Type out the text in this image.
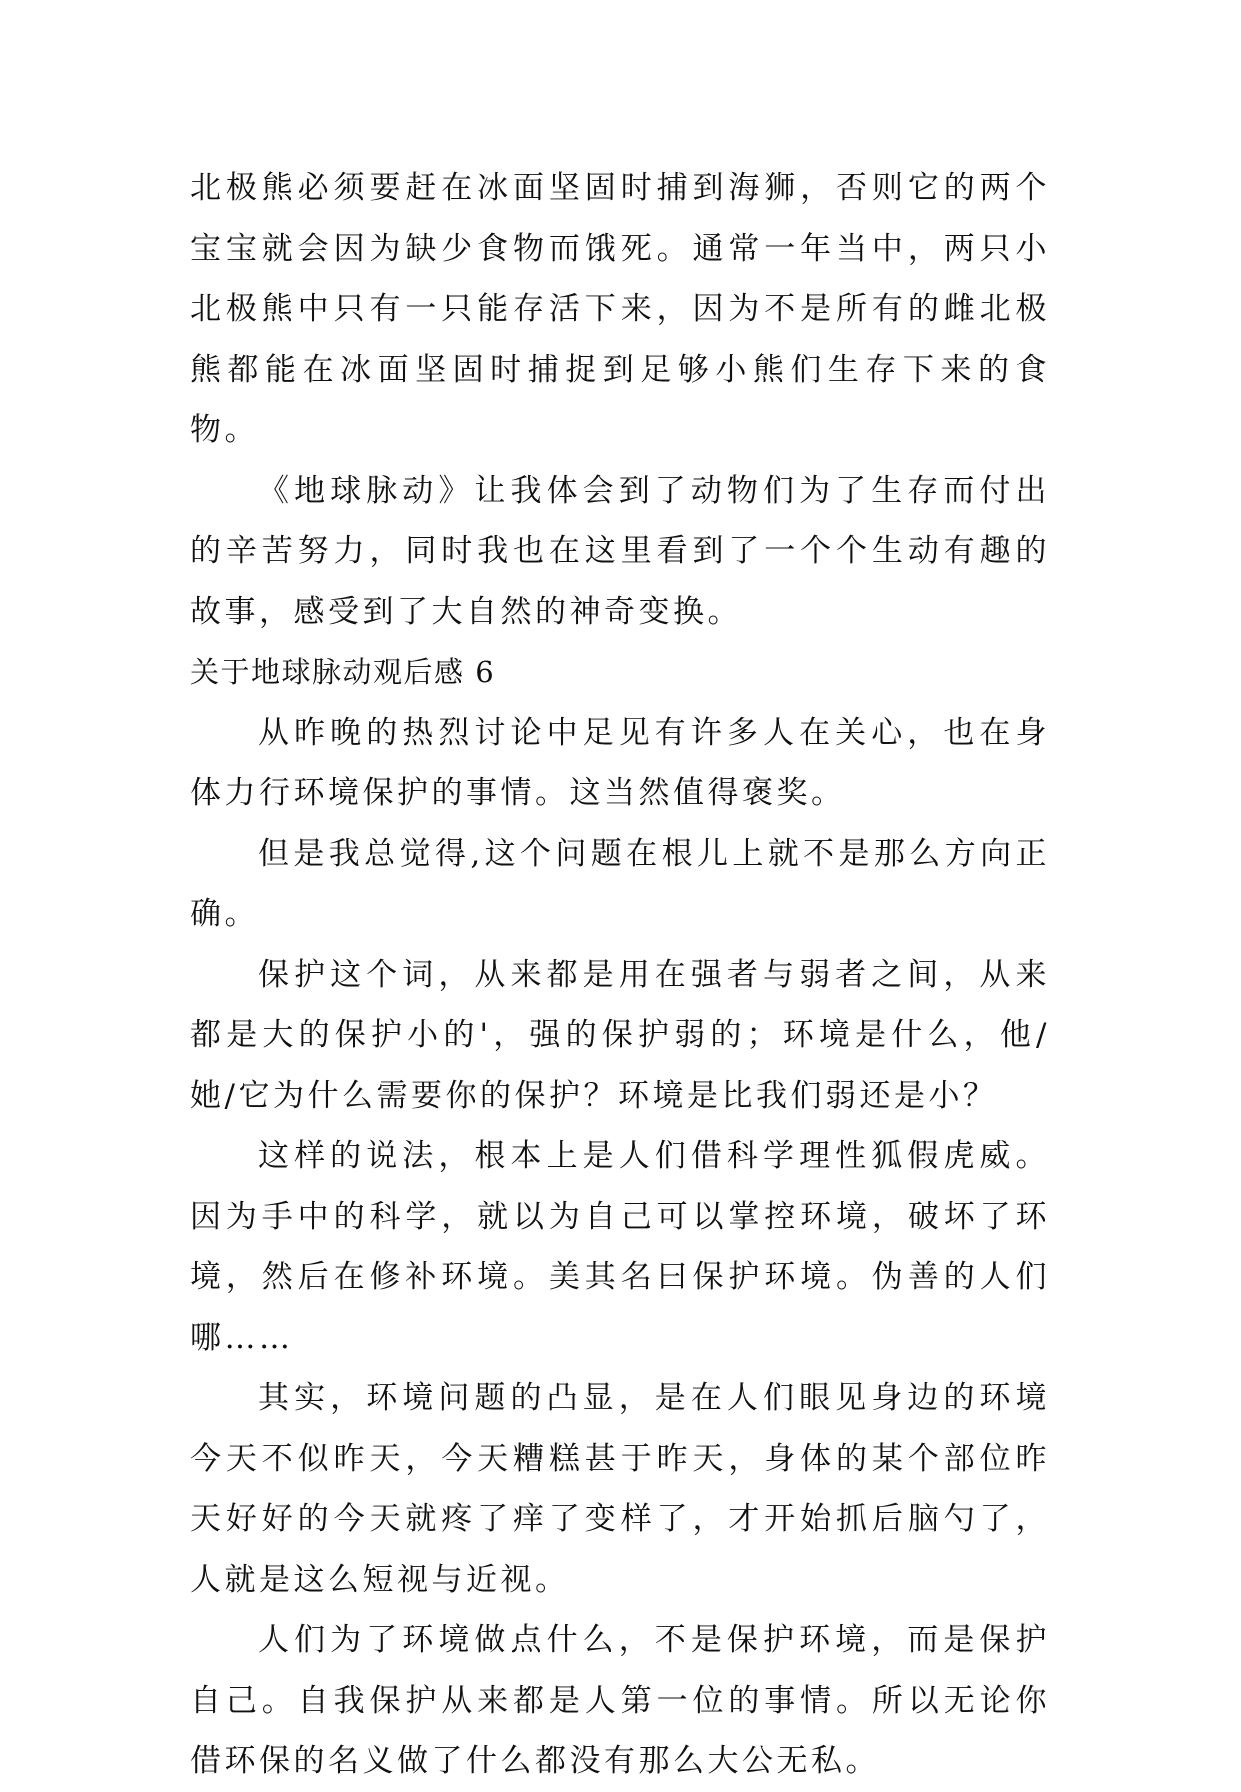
北极熊必须要赶在冰面坚固时捕到海狮，否则它的两个宝宝就会因为缺少食物而饿死。通常一年当中，两只小北极熊中只有一只能存活下来，因为不是所有的雌北极熊都能在冰面坚固时捕捉到足够小熊们生存下来的食物。

《地球脉动》让我体会到了动物们为了生存而付出的辛苦努力，同时我也在这里看到了一个个生动有趣的故事，感受到了大自然的神奇变换。

关于地球脉动观后感 6

从昨晚的热烈讨论中足见有许多人在关心，也在身体力行环境保护的事情。这当然值得褒奖。

但是我总觉得,这个问题在根儿上就不是那么方向正确。

保护这个词，从来都是用在强者与弱者之间，从来都是大的保护小的'，强的保护弱的；环境是什么，他/她/它为什么需要你的保护？环境是比我们弱还是小？

这样的说法，根本上是人们借科学理性狐假虎威。因为手中的科学，就以为自己可以掌控环境，破坏了环境，然后在修补环境。美其名曰保护环境。伪善的人们哪……

其实，环境问题的凸显，是在人们眼见身边的环境今天不似昨天，今天糟糕甚于昨天，身体的某个部位昨天好好的今天就疼了痒了变样了，才开始抓后脑勺了，人就是这么短视与近视。

人们为了环境做点什么，不是保护环境，而是保护自己。自我保护从来都是人第一位的事情。所以无论你借环保的名义做了什么都没有那么大公无私。
